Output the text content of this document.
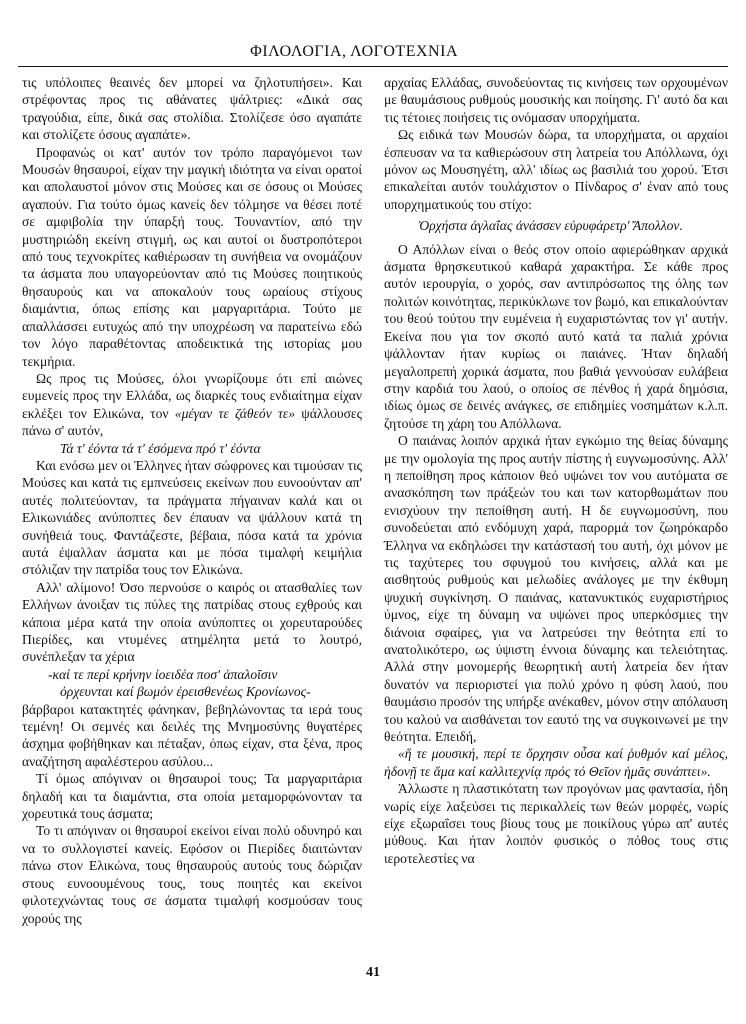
ΦΙΛΟΛΟΓΙΑ, ΛΟΓΟΤΕΧΝΙΑ

τις υπόλοιπες θεαινές δεν μπορεί να ζηλοτυπήσει». Και στρέφοντας προς τις αθάνατες ψάλτριες: «Δικά σας τραγούδια, είπε, δικά σας στολίδια. Στολίζεσε όσο αγαπάτε και στολίζετε όσους αγαπάτε».

Προφανώς οι κατ' αυτόν τον τρόπο παραγόμενοι των Μουσών θησαυροί, είχαν την μαγική ιδιότητα να είναι ορατοί και απολαυστοί μόνον στις Μούσες και σε όσους οι Μούσες αγαπούν. Για τούτο όμως κανείς δεν τόλμησε να θέσει ποτέ σε αμφιβολία την ύπαρξή τους. Τουναντίον, από την μυστηριώδη εκείνη στιγμή, ως και αυτοί οι δυστροπότεροι από τους τεχνοκρίτες καθιέρωσαν τη συνήθεια να ονομάζουν τα άσματα που υπαγορεύονταν από τις Μούσες ποιητικούς θησαυρούς και να αποκαλούν τους ωραίους στίχους διαμάντια, όπως επίσης και μαργαριτάρια. Τούτο με απαλλάσσει ευτυχώς από την υποχρέωση να παρατείνω εδώ τον λόγο παραθέτοντας αποδεικτικά της ιστορίας μου τεκμήρια.

Ως προς τις Μούσες, όλοι γνωρίζουμε ότι επί αιώνες ευμενείς προς την Ελλάδα, ως διαρκές τους ενδιαίτημα είχαν εκλέξει τον Ελικώνα, τον «μέγαν τε ζάθεόν τε» ψάλλουσες πάνω σ' αυτόν,

Τά τ' ἐόντα τά τ' ἐσόμενα πρό τ' ἐόντα

Και ενόσω μεν οι Έλληνες ήταν σώφρονες και τιμούσαν τις Μούσες και κατά τις εμπνεύσεις εκείνων που ευνοούνταν απ' αυτές πολιτεύονταν, τα πράγματα πήγαιναν καλά και οι Ελικωνιάδες ανύποπτες δεν έπαυαν να ψάλλουν κατά τη συνήθειά τους. Φαντάζεστε, βέβαια, πόσα κατά τα χρόνια αυτά έψαλλαν άσματα και με πόσα τιμαλφή κειμήλια στόλιζαν την πατρίδα τους τον Ελικώνα.

Αλλ' αλίμονο! Όσο περνούσε ο καιρός οι ατασθαλίες των Ελλήνων άνοιξαν τις πύλες της πατρίδας στους εχθρούς και κάποια μέρα κατά την οποία ανύποπτες οι χορευταρούδες Πιερίδες, και ντυμένες ατημέλητα μετά το λουτρό, συνέπλεξαν τα χέρια

-καί τε περί κρήνην ἰοειδέα ποσ' ἁπαλοῖσιν

ὀρχευνται καί βωμόν ἐρεισθενέως Κρονίωνος-

βάρβαροι κατακτητές φάνηκαν, βεβηλώνοντας τα ιερά τους τεμένη! Οι σεμνές και δειλές της Μνημοσύνης θυγατέρες άσχημα φοβήθηκαν και πέταξαν, όπως είχαν, στα ξένα, προς αναζήτηση αφαλέστερου ασύλου...

Τί όμως απόγιναν οι θησαυροί τους; Τα μαργαριτάρια δηλαδή και τα διαμάντια, στα οποία μεταμορφώνονταν τα χορευτικά τους άσματα;

Το τι απόγιναν οι θησαυροί εκείνοι είναι πολύ οδυνηρό και να το συλλογιστεί κανείς. Εφόσον οι Πιερίδες διαιτώνταν πάνω στον Ελικώνα, τους θησαυρούς αυτούς τους δώριζαν στους ευνοουμένους τους, τους ποιητές και εκείνοι φιλοτεχνώντας τους σε άσματα τιμαλφή κοσμούσαν τους χορούς της

αρχαίας Ελλάδας, συνοδεύοντας τις κινήσεις των ορχουμένων με θαυμάσιους ρυθμούς μουσικής και ποίησης. Γι' αυτό δα και τις τέτοιες ποιήσεις τις ονόμασαν υπορχήματα.

Ως ειδικά των Μουσών δώρα, τα υπορχήματα, οι αρχαίοι έσπευσαν να τα καθιερώσουν στη λατρεία του Απόλλωνα, όχι μόνον ως Μουσηγέτη, αλλ' ιδίως ως βασιλιά του χορού. Έτσι επικαλείται αυτόν τουλάχιστον ο Πίνδαρος σ' έναν από τους υπορχηματικούς του στίχο:

Ὀρχήστα ἀγλαΐας ἀνάσσεν εὐρυφάρετρ' Ἄπολλον.

Ο Απόλλων είναι ο θεός στον οποίο αφιερώθηκαν αρχικά άσματα θρησκευτικού καθαρά χαρακτήρα. Σε κάθε προς αυτόν ιερουργία, ο χορός, σαν αντιπρόσωπος της όλης των πολιτών κοινότητας, περικύκλωνε τον βωμό, και επικαλούνταν του θεού τούτου την ευμένεια ή ευχαριστώντας τον γι' αυτήν. Εκείνα που για τον σκοπό αυτό κατά τα παλιά χρόνια ψάλλονταν ήταν κυρίως οι παιάνες. Ήταν δηλαδή μεγαλοπρεπή χορικά άσματα, που βαθιά γεννούσαν ευλάβεια στην καρδιά του λαού, ο οποίος σε πένθος ή χαρά δημόσια, ιδίως όμως σε δεινές ανάγκες, σε επιδημίες νοσημάτων κ.λ.π. ζητούσε τη χάρη του Απόλλωνα.

Ο παιάνας λοιπόν αρχικά ήταν εγκώμιο της θείας δύναμης με την ομολογία της προς αυτήν πίστης ή ευγνωμοσύνης. Αλλ' η πεποίθηση προς κάποιον θεό υψώνει τον νου αυτόματα σε ανασκόπηση των πράξεών του και των κατορθωμάτων που ενισχύουν την πεποίθηση αυτή. Η δε ευγνωμοσύνη, που συνοδεύεται από ενδόμυχη χαρά, παρορμά τον ζωηρόκαρδο Έλληνα να εκδηλώσει την κατάστασή του αυτή, όχι μόνον με τις ταχύτερες του σφυγμού του κινήσεις, αλλά και με αισθητούς ρυθμούς και μελωδίες ανάλογες με την έκθυμη ψυχική συγκίνηση. Ο παιάνας, κατανυκτικός ευχαριστήριος ύμνος, είχε τη δύναμη να υψώνει προς υπερκόσμιες την διάνοια σφαίρες, για να λατρεύσει την θεότητα επί το ανατολικότερο, ως ύψιστη έννοια δύναμης και τελειότητας. Αλλά στην μονομερής θεωρητική αυτή λατρεία δεν ήταν δυνατόν να περιοριστεί για πολύ χρόνο η φύση λαού, που θαυμάσιο προσόν της υπήρξε ανέκαθεν, μόνον στην απόλαυση του καλού να αισθάνεται τον εαυτό της να συγκοινωνεί με την θεότητα. Επειδή,

«ἥ τε μουσική, περί τε ὄρχησιν οὖσα καί ῥυθμόν καί μέλος, ἡδονῇ τε ἅμα καί καλλιτεχνίᾳ πρός τό Θεῖον ἡμᾶς συνάπτει».

Άλλωστε η πλαστικότατη των προγόνων μας φαντασία, ήδη νωρίς είχε λαξεύσει τις περικαλλείς των θεών μορφές, νωρίς είχε εξωραΐσει τους βίους τους με ποικίλους γύρω απ' αυτές μύθους. Και ήταν λοιπόν φυσικός ο πόθος τους στις ιεροτελεστίες να

41
